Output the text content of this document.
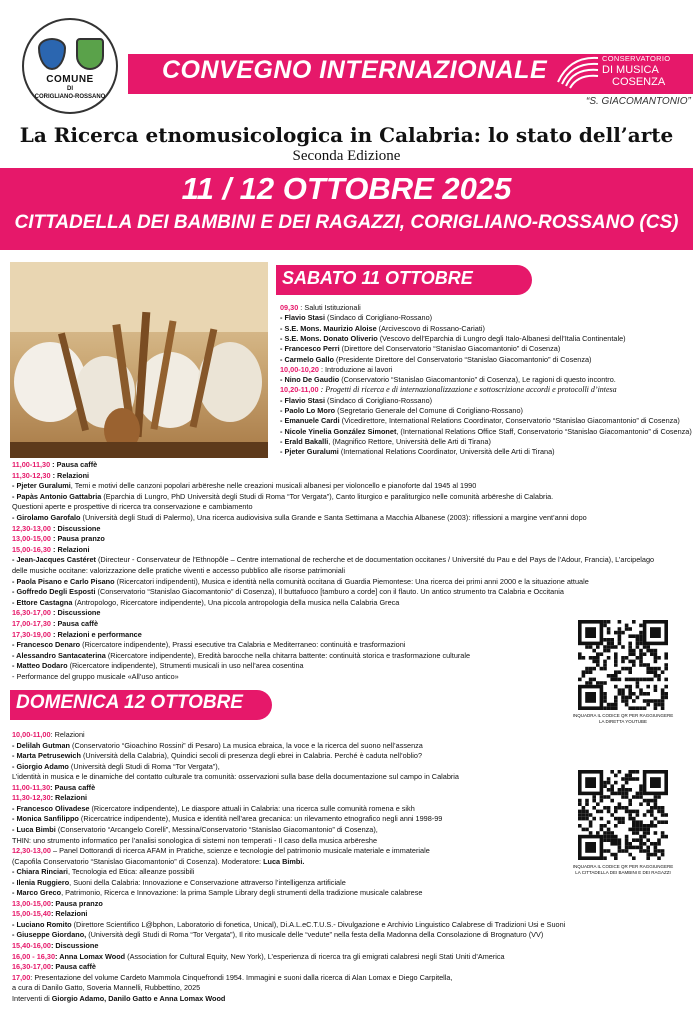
COMUNE
DI
CORIGLIANO-ROSSANO
CONVEGNO INTERNAZIONALE	CONSERVATORIO
DI MUSICA
COSENZA
“S. GIACOMANTONIO”
La Ricerca etnomusicologica in Calabria: lo stato dell’arte
Seconda Edizione
11 / 12 OTTOBRE 2025
CITTADELLA DEI BAMBINI E DEI RAGAZZI, CORIGLIANO-ROSSANO (CS)
SABATO 11 OTTOBRE
09,30 : Saluti Istituzionali
- Flavio Stasi (Sindaco di Corigliano-Rossano)
- S.E. Mons. Maurizio Aloise (Arcivescovo di Rossano-Cariati)
- S.E. Mons. Donato Oliverio (Vescovo dell’Eparchia di Lungro degli Italo-Albanesi dell’Italia Continentale)
- Francesco Perri (Direttore del Conservatorio “Stanislao Giacomantonio” di Cosenza)
- Carmelo Gallo (Presidente Direttore del Conservatorio “Stanislao Giacomantonio” di Cosenza)
10,00-10,20 : Introduzione ai lavori
- Nino De Gaudio (Conservatorio “Stanislao Giacomantonio” di Cosenza), Le ragioni di questo incontro.
10,20-11,00 : Progetti di ricerca e di internazionalizzazione e sottoscrizione accordi e protocolli d’intesa
- Flavio Stasi (Sindaco di Corigliano-Rossano)
- Paolo Lo Moro (Segretario Generale del Comune di Corigliano-Rossano)
- Emanuele Cardi (Vicedirettore, International Relations Coordinator, Conservatorio “Stanislao Giacomantonio” di Cosenza)
- Nicole Yinelia González Simonet, (International Relations Office Staff, Conservatorio “Stanislao Giacomantonio” di Cosenza)
- Erald Bakalli, (Magnifico Rettore, Università delle Arti di Tirana)
- Pjeter Guralumi (International Relations Coordinator, Università delle Arti di Tirana)
11,00-11,30 : Pausa caffè
11,30-12,30 : Relazioni
- Pjeter Guralumi, Temi e motivi delle canzoni popolari arbëreshe nelle creazioni musicali albanesi per violoncello e pianoforte dal 1945 al 1990
- Papàs Antonio Gattabria (Eparchia di Lungro, PhD Università degli Studi di Roma “Tor Vergata”), Canto liturgico e paraliturgico nelle comunità arbëreshe di Calabria.
Questioni aperte e prospettive di ricerca tra conservazione e cambiamento
- Girolamo Garofalo (Università degli Studi di Palermo), Una ricerca audiovisiva sulla Grande e Santa Settimana a Macchia Albanese (2003): riflessioni a margine vent’anni dopo
12,30-13,00 : Discussione
13,00-15,00 : Pausa pranzo
15,00-16,30 : Relazioni
- Jean-Jacques Castéret (Directeur - Conservateur de l’Ethnopôle – Centre international de recherche et de documentation occitanes / Université du Pau e del Pays de l’Adour, Francia), L’arcipelago
delle musiche occitane: valorizzazione delle pratiche viventi e accesso pubblico alle risorse patrimoniali
- Paola Pisano e Carlo Pisano (Ricercatori indipendenti), Musica e identità nella comunità occitana di Guardia Piemontese: Una ricerca dei primi anni 2000 e la situazione attuale
- Goffredo Degli Esposti (Conservatorio “Stanislao Giacomantonio” di Cosenza), Il buttafuoco [tamburo a corde] con il flauto. Un antico strumento tra Calabria e Occitania
- Ettore Castagna (Antropologo, Ricercatore indipendente), Una piccola antropologia della musica nella Calabria Greca
16,30-17,00 : Discussione
17,00-17,30 : Pausa caffè
17,30-19,00 : Relazioni e performance
- Francesco Denaro (Ricercatore indipendente), Prassi esecutive tra Calabria e Mediterraneo: continuità e trasformazioni
- Alessandro Santacaterina (Ricercatore indipendente), Eredità barocche nella chitarra battente: continuità storica e trasformazione culturale
- Matteo Dodaro (Ricercatore indipendente), Strumenti musicali in uso nell’area cosentina
- Performance del gruppo musicale «All’uso antico»
DOMENICA 12 OTTOBRE
10,00-11,00: Relazioni
- Delilah Gutman (Conservatorio “Gioachino Rossini” di Pesaro) La musica ebraica, la voce e la ricerca del suono nell’assenza
- Marta Petrusewich (Università della Calabria), Quindici secoli di presenza degli ebrei in Calabria. Perché è caduta nell’oblio?
- Giorgio Adamo (Università degli Studi di Roma “Tor Vergata”),
L’identità in musica e le dinamiche del contatto culturale tra comunità: osservazioni sulla base della documentazione sul campo in Calabria
11,00-11,30: Pausa caffè
11,30-12,30: Relazioni
- Francesco Olivadese (Ricercatore indipendente), Le diaspore attuali in Calabria: una ricerca sulle comunità romena e sikh
- Monica Sanfilippo (Ricercatrice indipendente), Musica e identità nell’area grecanica: un rilevamento etnografico negli anni 1998-99
- Luca Bimbi (Conservatorio “Arcangelo Corelli”, Messina/Conservatorio “Stanislao Giacomantonio” di Cosenza),
THIN: uno strumento informatico per l’analisi sonologica di sistemi non temperati - Il caso della musica arbëreshe
12,30-13,00 – Panel Dottorandi di ricerca AFAM in Pratiche, scienze e tecnologie del patrimonio musicale materiale e immateriale
(Capofila Conservatorio “Stanislao Giacomantonio” di Cosenza). Moderatore: Luca Bimbi.
- Chiara Rinciari, Tecnologia ed Etica: alleanze possibili
- Ilenia Ruggiero, Suoni della Calabria: Innovazione e Conservazione attraverso l’intelligenza artificiale
- Marco Greco, Patrimonio, Ricerca e Innovazione: la prima Sample Library degli strumenti della tradizione musicale calabrese
13,00-15,00: Pausa pranzo
15,00-15,40: Relazioni
- Luciano Romito (Direttore Scientifico L@bphon, Laboratorio di fonetica, Unical), Di.A.L.eC.T.U.S.- Divulgazione e Archivio Linguistico Calabrese di Tradizioni Usi e Suoni
- Giuseppe Giordano, (Università degli Studi di Roma “Tor Vergata”), Il rito musicale delle “vedute” nella festa della Madonna della Consolazione di Brognaturo (VV)
15,40-16,00: Discussione
16,00 - 16,30: Anna Lomax Wood (Association for Cultural Equity, New York), L’esperienza di ricerca tra gli emigrati calabresi negli Stati Uniti d’America
16,30-17,00: Pausa caffè
17,00: Presentazione del volume Cardeto Mammola Cinquefrondi 1954. Immagini e suoni dalla ricerca di Alan Lomax e Diego Carpitella,
a cura di Danilo Gatto, Soveria Mannelli, Rubbettino, 2025
Interventi di Giorgio Adamo, Danilo Gatto e Anna Lomax Wood
INQUADRA IL CODICE QR PER RAGGIUNGERE LA DIRETTA YOUTUBE
INQUADRA IL CODICE QR PER RAGGIUNGERE LA CITTADELLA DEI BAMBINI E DEI RAGAZZI
